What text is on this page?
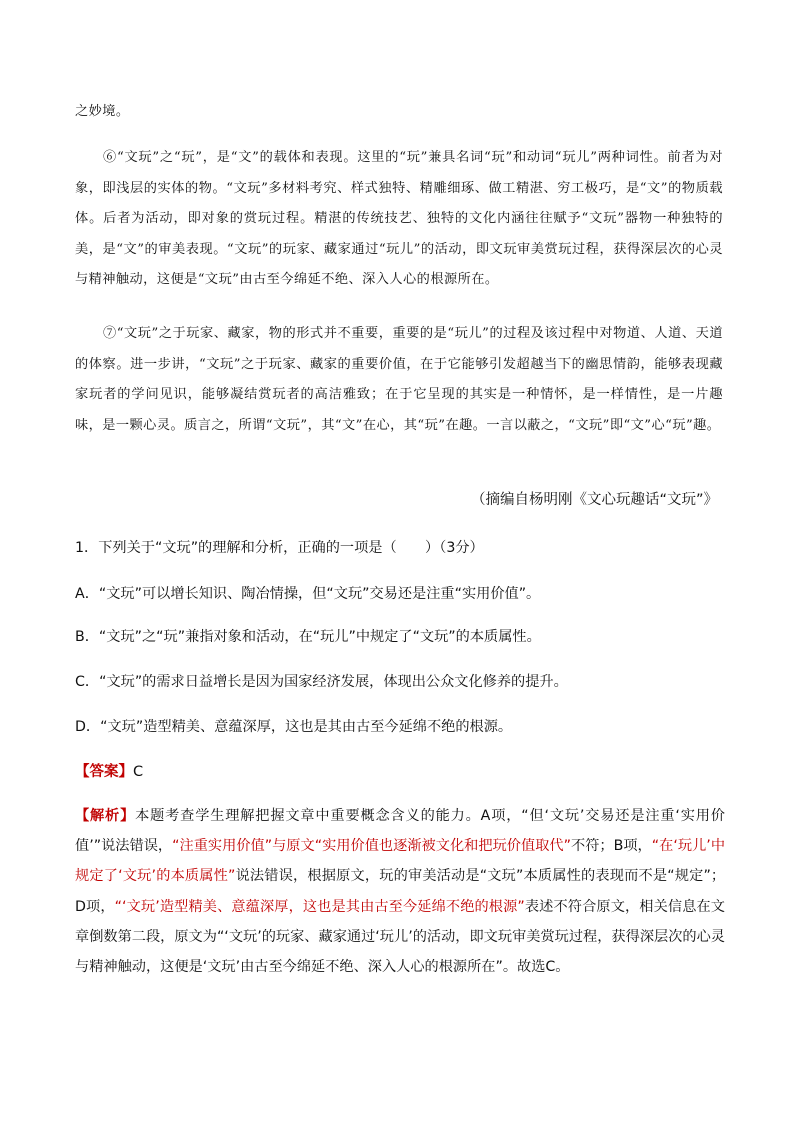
之妙境。

⑥“文玩”之“玩”，是“文”的载体和表现。这里的“玩”兼具名词“玩”和动词“玩儿”两种词性。前者为对象，即浅层的实体的物。“文玩”多材料考究、样式独特、精雕细琢、做工精湛、穷工极巧，是“文”的物质载体。后者为活动，即对象的赏玩过程。精湛的传统技艺、独特的文化内涵往往赋予“文玩”器物一种独特的美，是“文”的审美表现。“文玩”的玩家、藏家通过“玩儿”的活动，即文玩审美赏玩过程，获得深层次的心灵与精神触动，这便是“文玩”由古至今绵延不绝、深入人心的根源所在。

⑦“文玩”之于玩家、藏家，物的形式并不重要，重要的是“玩儿”的过程及该过程中对物道、人道、天道的体察。进一步讲，“文玩”之于玩家、藏家的重要价值，在于它能够引发超越当下的幽思情韵，能够表现藏家玩者的学问见识，能够凝结赏玩者的高洁雅致；在于它呈现的其实是一种情怀，是一样情性，是一片趣味，是一颗心灵。质言之，所谓“文玩”，其“文”在心，其“玩”在趣。一言以蔽之，“文玩”即“文”心“玩”趣。

（摘编自杨明刚《文心玩趣话“文玩”》

1．下列关于“文玩”的理解和分析，正确的一项是（　　）（3分）

A．“文玩”可以增长知识、陶冶情操，但“文玩”交易还是注重“实用价值”。

B．“文玩”之“玩”兼指对象和活动，在“玩儿”中规定了“文玩”的本质属性。

C．“文玩”的需求日益增长是因为国家经济发展，体现出公众文化修养的提升。

D．“文玩”造型精美、意蕴深厚，这也是其由古至今延绵不绝的根源。

【答案】C
【解析】本题考查学生理解把握文章中重要概念含义的能力。A项，“但‘文玩’交易还是注重‘实用价值’”说法错误，“注重实用价值”与原文“实用价值也逐渐被文化和把玩价值取代”不符；B项，“在‘玩儿’中规定了‘文玩’的本质属性”说法错误，根据原文，玩的审美活动是“文玩”本质属性的表现而不是“规定”；D项，“‘文玩’造型精美、意蕴深厚，这也是其由古至今延绵不绝的根源”表述不符合原文，相关信息在文章倒数第二段，原文为“‘文玩’的玩家、藏家通过‘玩儿’的活动，即文玩审美赏玩过程，获得深层次的心灵与精神触动，这便是‘文玩’由古至今绵延不绝、深入人心的根源所在”。故选C。
